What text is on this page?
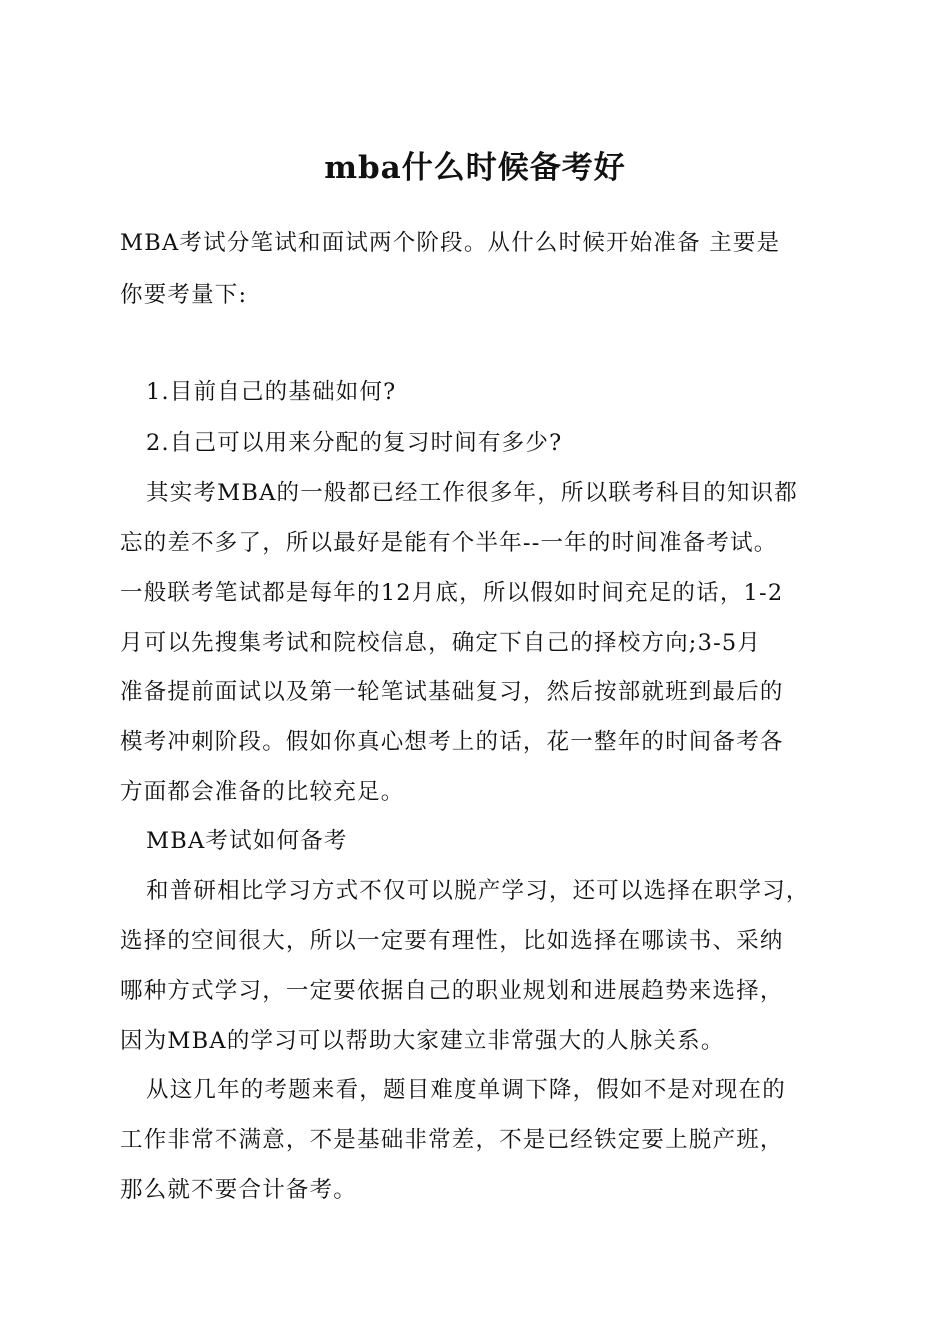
mba什么时候备考好
MBA考试分笔试和面试两个阶段。从什么时候开始准备 主要是
你要考量下:
1.目前自己的基础如何?
2.自己可以用来分配的复习时间有多少?
其实考MBA的一般都已经工作很多年，所以联考科目的知识都
忘的差不多了，所以最好是能有个半年--一年的时间准备考试。
一般联考笔试都是每年的12月底，所以假如时间充足的话，1-2
月可以先搜集考试和院校信息，确定下自己的择校方向;3-5月
准备提前面试以及第一轮笔试基础复习，然后按部就班到最后的
模考冲刺阶段。假如你真心想考上的话，花一整年的时间备考各
方面都会准备的比较充足。
MBA考试如何备考
和普研相比学习方式不仅可以脱产学习，还可以选择在职学习，
选择的空间很大，所以一定要有理性，比如选择在哪读书、采纳
哪种方式学习，一定要依据自己的职业规划和进展趋势来选择，
因为MBA的学习可以帮助大家建立非常强大的人脉关系。
从这几年的考题来看，题目难度单调下降，假如不是对现在的
工作非常不满意，不是基础非常差，不是已经铁定要上脱产班，
那么就不要合计备考。
